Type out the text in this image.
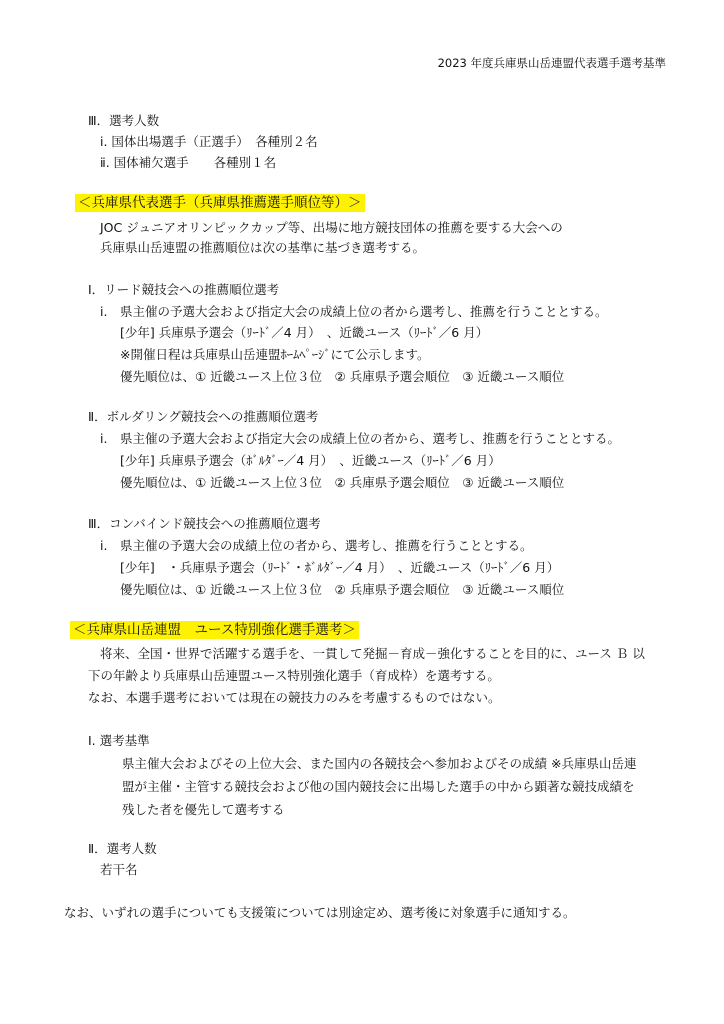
2023 年度兵庫県山岳連盟代表選手選考基準
Ⅲ．選考人数
ⅰ. 国体出場選手（正選手）　各種別２名
ⅱ. 国体補欠選手　　各種別１名
＜兵庫県代表選手（兵庫県推薦選手順位等）＞
JOC ジュニアオリンピックカップ等、出場に地方競技団体の推薦を要する大会への
兵庫県山岳連盟の推薦順位は次の基準に基づき選考する。
Ⅰ．リード競技会への推薦順位選考
ⅰ.　県主催の予選大会および指定大会の成績上位の者から選考し、推薦を行うこととする。
[少年] 兵庫県予選会（ﾘｰﾄﾞ／4 月）　、近畿ユース（ﾘｰﾄﾞ／6 月）
※開催日程は兵庫県山岳連盟ﾎｰﾑﾍﾟｰｼﾞにて公示します。
優先順位は、① 近畿ユース上位３位　② 兵庫県予選会順位　③ 近畿ユース順位
Ⅱ．ボルダリング競技会への推薦順位選考
ⅰ.　県主催の予選大会および指定大会の成績上位の者から、選考し、推薦を行うこととする。
[少年] 兵庫県予選会（ﾎﾞﾙﾀﾞｰ／4 月）　、近畿ユース（ﾘｰﾄﾞ／6 月）
優先順位は、① 近畿ユース上位３位　② 兵庫県予選会順位　③ 近畿ユース順位
Ⅲ．コンバインド競技会への推薦順位選考
ⅰ.　県主催の予選大会の成績上位の者から、選考し、推薦を行うこととする。
[少年]　・兵庫県予選会（ﾘｰﾄﾞ・ﾎﾞﾙﾀﾞｰ／4 月）　、近畿ユース（ﾘｰﾄﾞ／6 月）
優先順位は、① 近畿ユース上位３位　② 兵庫県予選会順位　③ 近畿ユース順位
＜兵庫県山岳連盟　ユース特別強化選手選考＞
将来、全国・世界で活躍する選手を、一貫して発掘－育成－強化することを目的に、ユース Ｂ 以
下の年齢より兵庫県山岳連盟ユース特別強化選手（育成枠）を選考する。
なお、本選手選考においては現在の競技力のみを考慮するものではない。
Ⅰ. 選考基準
県主催大会およびその上位大会、また国内の各競技会へ参加およびその成績 ※兵庫県山岳連
盟が主催・主管する競技会および他の国内競技会に出場した選手の中から顕著な競技成績を
残した者を優先して選考する
Ⅱ．選考人数
若干名
なお、いずれの選手についても支援策については別途定め、選考後に対象選手に通知する。
